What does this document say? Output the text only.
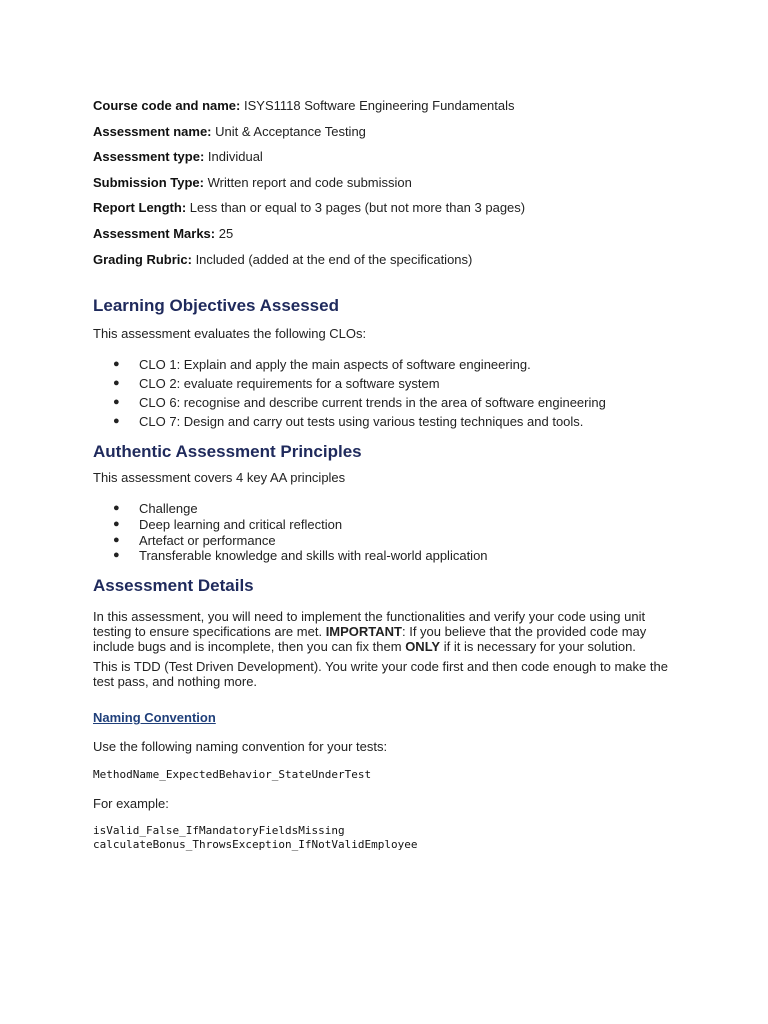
Course code and name: ISYS1118 Software Engineering Fundamentals
Assessment name: Unit & Acceptance Testing
Assessment type: Individual
Submission Type: Written report and code submission
Report Length: Less than or equal to 3 pages (but not more than 3 pages)
Assessment Marks: 25
Grading Rubric: Included (added at the end of the specifications)
Learning Objectives Assessed

This assessment evaluates the following CLOs:

● CLO 1: Explain and apply the main aspects of software engineering.
● CLO 2: evaluate requirements for a software system
● CLO 6: recognise and describe current trends in the area of software engineering
● CLO 7: Design and carry out tests using various testing techniques and tools.
Authentic Assessment Principles

This assessment covers 4 key AA principles

● Challenge
● Deep learning and critical reflection
● Artefact or performance
● Transferable knowledge and skills with real-world application
Assessment Details

In this assessment, you will need to implement the functionalities and verify your code using unit testing to ensure specifications are met. IMPORTANT: If you believe that the provided code may include bugs and is incomplete, then you can fix them ONLY if it is necessary for your solution.

This is TDD (Test Driven Development). You write your code first and then code enough to make the test pass, and nothing more.

Naming Convention

Use the following naming convention for your tests:

MethodName_ExpectedBehavior_StateUnderTest

For example:

isValid_False_IfMandatoryFieldsMissing
calculateBonus_ThrowsException_IfNotValidEmployee
